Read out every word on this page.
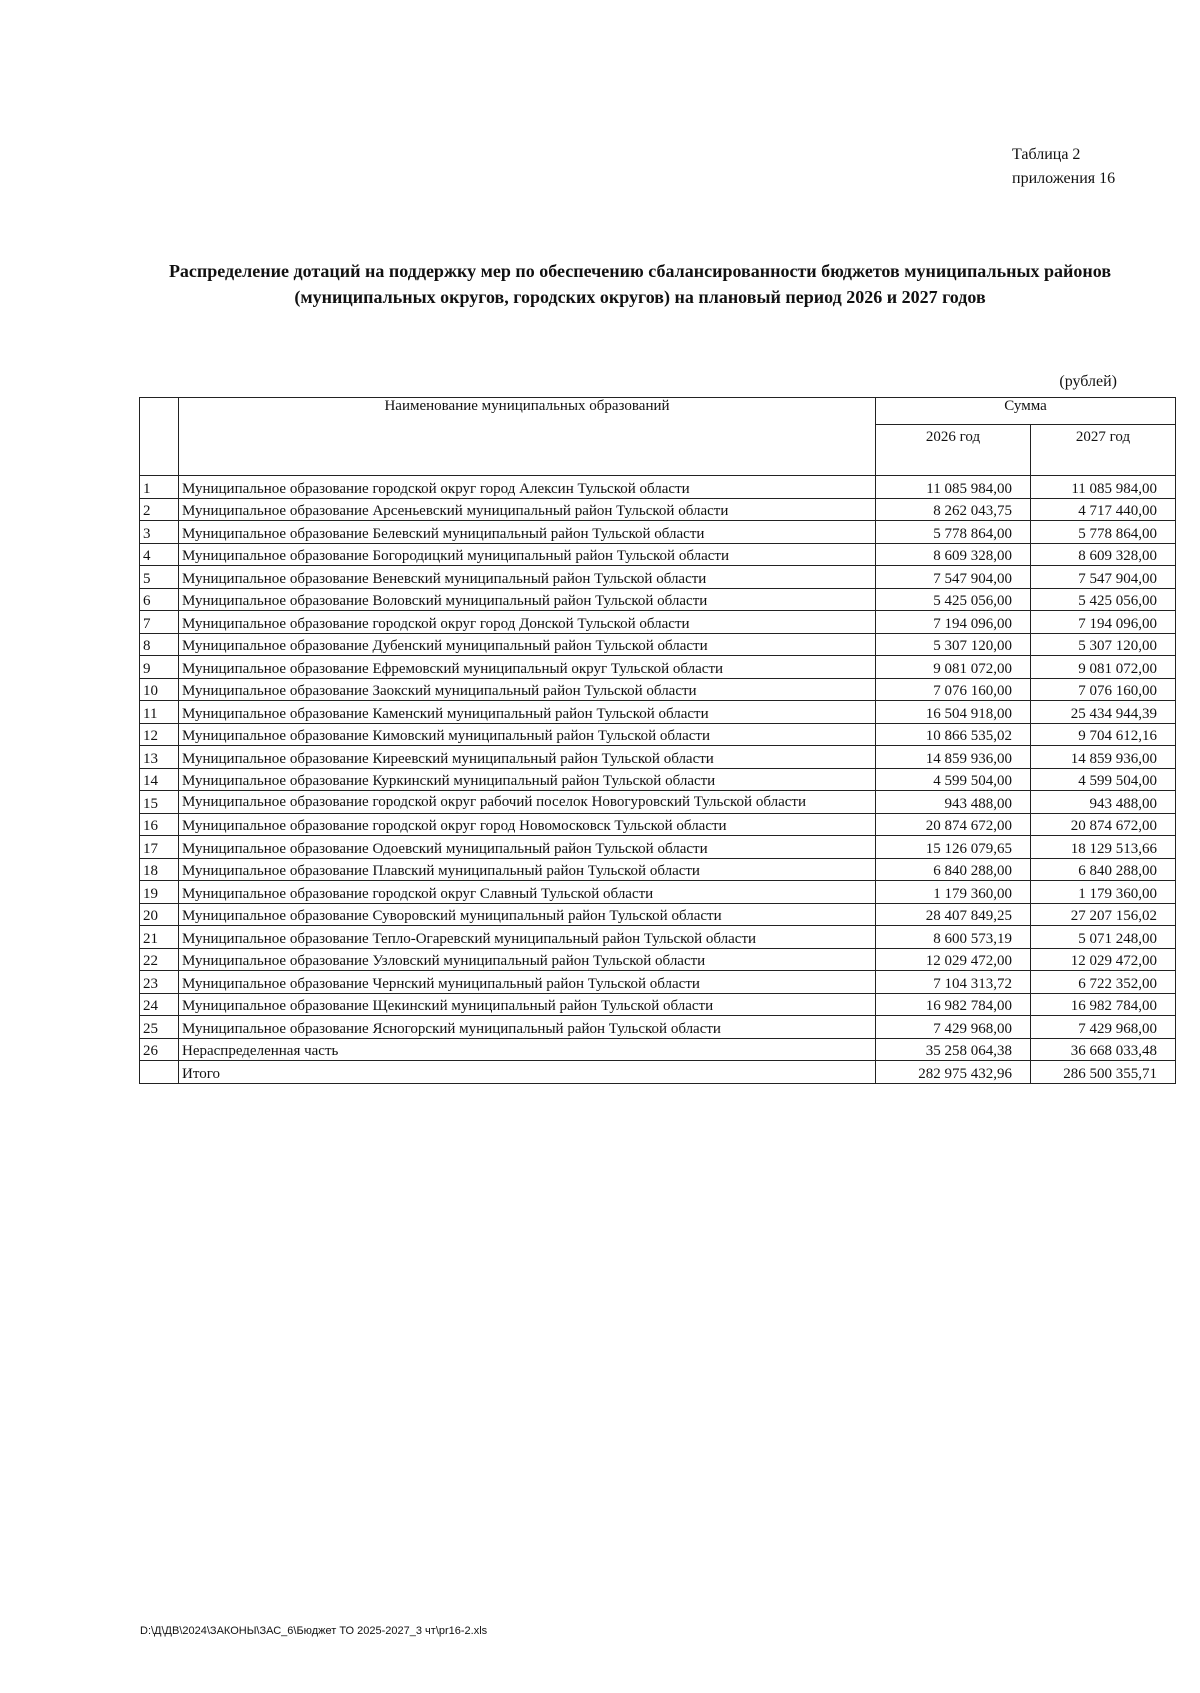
Таблица 2
приложения 16
Распределение дотаций на поддержку мер по обеспечению сбалансированности бюджетов муниципальных районов (муниципальных округов, городских округов) на плановый период 2026 и 2027 годов
(рублей)
	Наименование муниципальных образований	Сумма	
		2026 год	2027 год
1	Муниципальное образование городской округ город Алексин Тульской области	11 085 984,00	11 085 984,00
2	Муниципальное образование Арсеньевский муниципальный район Тульской области	8 262 043,75	4 717 440,00
3	Муниципальное образование Белевский муниципальный район Тульской области	5 778 864,00	5 778 864,00
4	Муниципальное образование Богородицкий муниципальный район Тульской области	8 609 328,00	8 609 328,00
5	Муниципальное образование Веневский муниципальный район Тульской области	7 547 904,00	7 547 904,00
6	Муниципальное образование Воловский муниципальный район Тульской области	5 425 056,00	5 425 056,00
7	Муниципальное образование городской округ город Донской Тульской области	7 194 096,00	7 194 096,00
8	Муниципальное образование Дубенский муниципальный район Тульской области	5 307 120,00	5 307 120,00
9	Муниципальное образование Ефремовский муниципальный округ Тульской области	9 081 072,00	9 081 072,00
10	Муниципальное образование Заокский муниципальный район Тульской области	7 076 160,00	7 076 160,00
11	Муниципальное образование Каменский муниципальный район Тульской области	16 504 918,00	25 434 944,39
12	Муниципальное образование Кимовский муниципальный район Тульской области	10 866 535,02	9 704 612,16
13	Муниципальное образование Киреевский муниципальный район Тульской области	14 859 936,00	14 859 936,00
14	Муниципальное образование Куркинский муниципальный район Тульской области	4 599 504,00	4 599 504,00
15	Муниципальное образование городской округ рабочий поселок Новогуровский Тульской области	943 488,00	943 488,00
16	Муниципальное образование городской округ город Новомосковск Тульской области	20 874 672,00	20 874 672,00
17	Муниципальное образование Одоевский муниципальный район Тульской области	15 126 079,65	18 129 513,66
18	Муниципальное образование Плавский муниципальный район Тульской области	6 840 288,00	6 840 288,00
19	Муниципальное образование городской округ Славный Тульской области	1 179 360,00	1 179 360,00
20	Муниципальное образование Суворовский муниципальный район Тульской области	28 407 849,25	27 207 156,02
21	Муниципальное образование Тепло-Огаревский муниципальный район Тульской области	8 600 573,19	5 071 248,00
22	Муниципальное образование Узловский муниципальный район Тульской области	12 029 472,00	12 029 472,00
23	Муниципальное образование Чернский муниципальный район Тульской области	7 104 313,72	6 722 352,00
24	Муниципальное образование Щекинский муниципальный район Тульской области	16 982 784,00	16 982 784,00
25	Муниципальное образование Ясногорский муниципальный район Тульской области	7 429 968,00	7 429 968,00
26	Нераспределенная часть	35 258 064,38	36 668 033,48
	Итого	282 975 432,96	286 500 355,71
D:\Д\ДВ\2024\ЗАКОНЫ\ЗАС_6\Бюджет ТО 2025-2027_3 чт\pr16-2.xls
